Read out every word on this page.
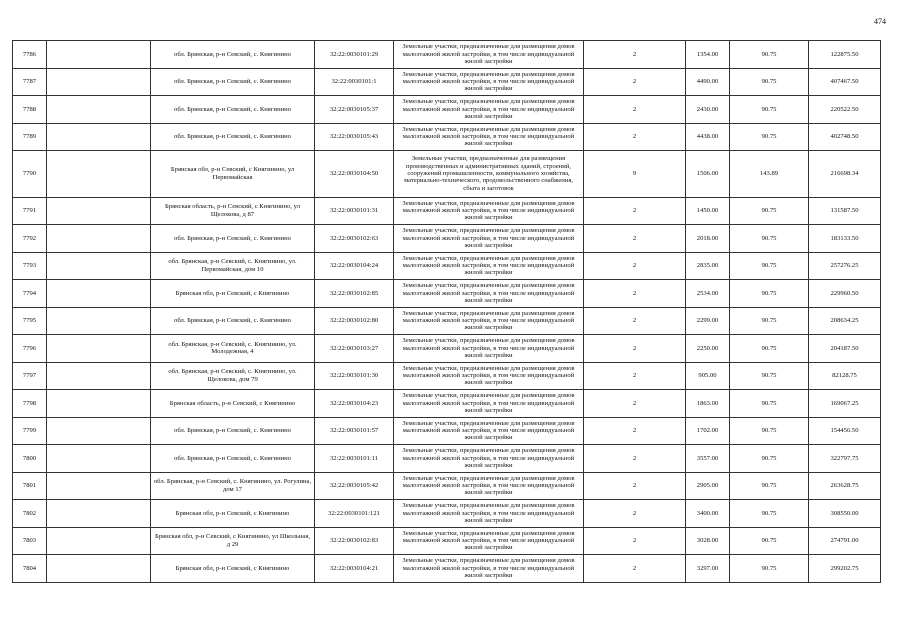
474
7786		обл. Брянская, р-н Севский, с. Княгинино	32:22:0030101:29	Земельные участки, предназначенные для размещения домов малоэтажной жилой застройки, в том числе индивидуальной жилой застройки	2	1354.00	90.75	122875.50
7787		обл. Брянская, р-н Севский, с. Княгинино	32:22:0030101:1	Земельные участки, предназначенные для размещения домов малоэтажной жилой застройки, в том числе индивидуальной жилой застройки	2	4490.00	90.75	407467.50
7788		обл. Брянская, р-н Севский, с. Княгинино	32:22:0030105:37	Земельные участки, предназначенные для размещения домов малоэтажной жилой застройки, в том числе индивидуальной жилой застройки	2	2430.00	90.75	220522.50
7789		обл. Брянская, р-н Севский, с. Княгинино	32:22:0030105:43	Земельные участки, предназначенные для размещения домов малоэтажной жилой застройки, в том числе индивидуальной жилой застройки	2	4438.00	90.75	402748.50
7790		Брянская обл, р-н Севский, с Княгинино, ул Первомайская	32:22:0030104:50	Земельные участки, предназначенные для размещения производственных и административных зданий, строений, сооружений промышленности, коммунального хозяйства, материально-технического, продовольственного снабжения, сбыта и заготовок	9	1506.00	143.89	216698.34
7791		Брянская область, р-н Севский, с Княгинино, ул Щелокова, д 87	32:22:0030101:31	Земельные участки, предназначенные для размещения домов малоэтажной жилой застройки, в том числе индивидуальной жилой застройки	2	1450.00	90.75	131587.50
7792		обл. Брянская, р-н Севский, с. Княгинино	32:22:0030102:63	Земельные участки, предназначенные для размещения домов малоэтажной жилой застройки, в том числе индивидуальной жилой застройки	2	2018.00	90.75	183133.50
7793		обл. Брянская, р-н Севский, с. Княгинино, ул. Первомайская, дом 10	32:22:0030104:24	Земельные участки, предназначенные для размещения домов малоэтажной жилой застройки, в том числе индивидуальной жилой застройки	2	2835.00	90.75	257276.25
7794		Брянская обл, р-н Севский, с Княгинино	32:22:0030102:85	Земельные участки, предназначенные для размещения домов малоэтажной жилой застройки, в том числе индивидуальной жилой застройки	2	2534.00	90.75	229960.50
7795		обл. Брянская, р-н Севский, с. Княгинино	32:22:0030102:80	Земельные участки, предназначенные для размещения домов малоэтажной жилой застройки, в том числе индивидуальной жилой застройки	2	2299.00	90.75	208634.25
7796		обл. Брянская, р-н Севский, с. Княгинино, ул. Молодежная, 4	32:22:0030103:27	Земельные участки, предназначенные для размещения домов малоэтажной жилой застройки, в том числе индивидуальной жилой застройки	2	2250.00	90.75	204187.50
7797		обл. Брянская, р-н Севский, с. Княгинино, ул. Щелокова, дом 79	32:22:0030101:30	Земельные участки, предназначенные для размещения домов малоэтажной жилой застройки, в том числе индивидуальной жилой застройки	2	905.00	90.75	82128.75
7798		Брянская область, р-н Севский, с Княгинино	32:22:0030104:23	Земельные участки, предназначенные для размещения домов малоэтажной жилой застройки, в том числе индивидуальной жилой застройки	2	1863.00	90.75	169067.25
7799		обл. Брянская, р-н Севский, с. Княгинино	32:22:0030101:57	Земельные участки, предназначенные для размещения домов малоэтажной жилой застройки, в том числе индивидуальной жилой застройки	2	1702.00	90.75	154456.50
7800		обл. Брянская, р-н Севский, с. Княгинино	32:22:0030101:11	Земельные участки, предназначенные для размещения домов малоэтажной жилой застройки, в том числе индивидуальной жилой застройки	2	3557.00	90.75	322797.75
7801		обл. Брянская, р-н Севский, с. Княгинино, ул. Рогулина, дом 17	32:22:0030105:42	Земельные участки, предназначенные для размещения домов малоэтажной жилой застройки, в том числе индивидуальной жилой застройки	2	2905.00	90.75	263628.75
7802		Брянская обл, р-н Севский, с Княгинино	32:22:0030101:121	Земельные участки, предназначенные для размещения домов малоэтажной жилой застройки, в том числе индивидуальной жилой застройки	2	3400.00	90.75	308550.00
7803		Брянская обл, р-н Севский, с Княгинино, ул Школьная, д 29	32:22:0030102:83	Земельные участки, предназначенные для размещения домов малоэтажной жилой застройки, в том числе индивидуальной жилой застройки	2	3028.00	90.75	274791.00
7804		Брянская обл, р-н Севский, с Княгинино	32:22:0030104:21	Земельные участки, предназначенные для размещения домов малоэтажной жилой застройки, в том числе индивидуальной жилой застройки	2	3297.00	90.75	299202.75
